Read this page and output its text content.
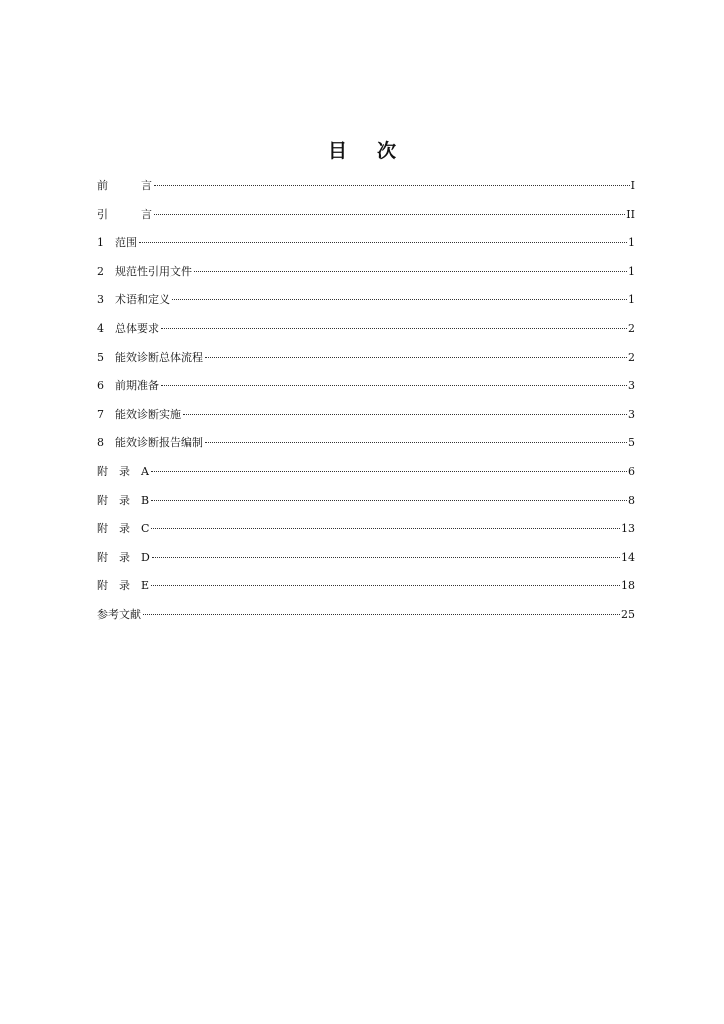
目 次
前　　　言	I
引　　　言	II
1	范围	1
2	规范性引用文件	1
3	术语和定义	1
4	总体要求	2
5	能效诊断总体流程	2
6	前期准备	3
7	能效诊断实施	3
8	能效诊断报告编制	5
附　录　A	6
附　录　B	8
附　录　C	13
附　录　D	14
附　录　E	18
参考文献	25
